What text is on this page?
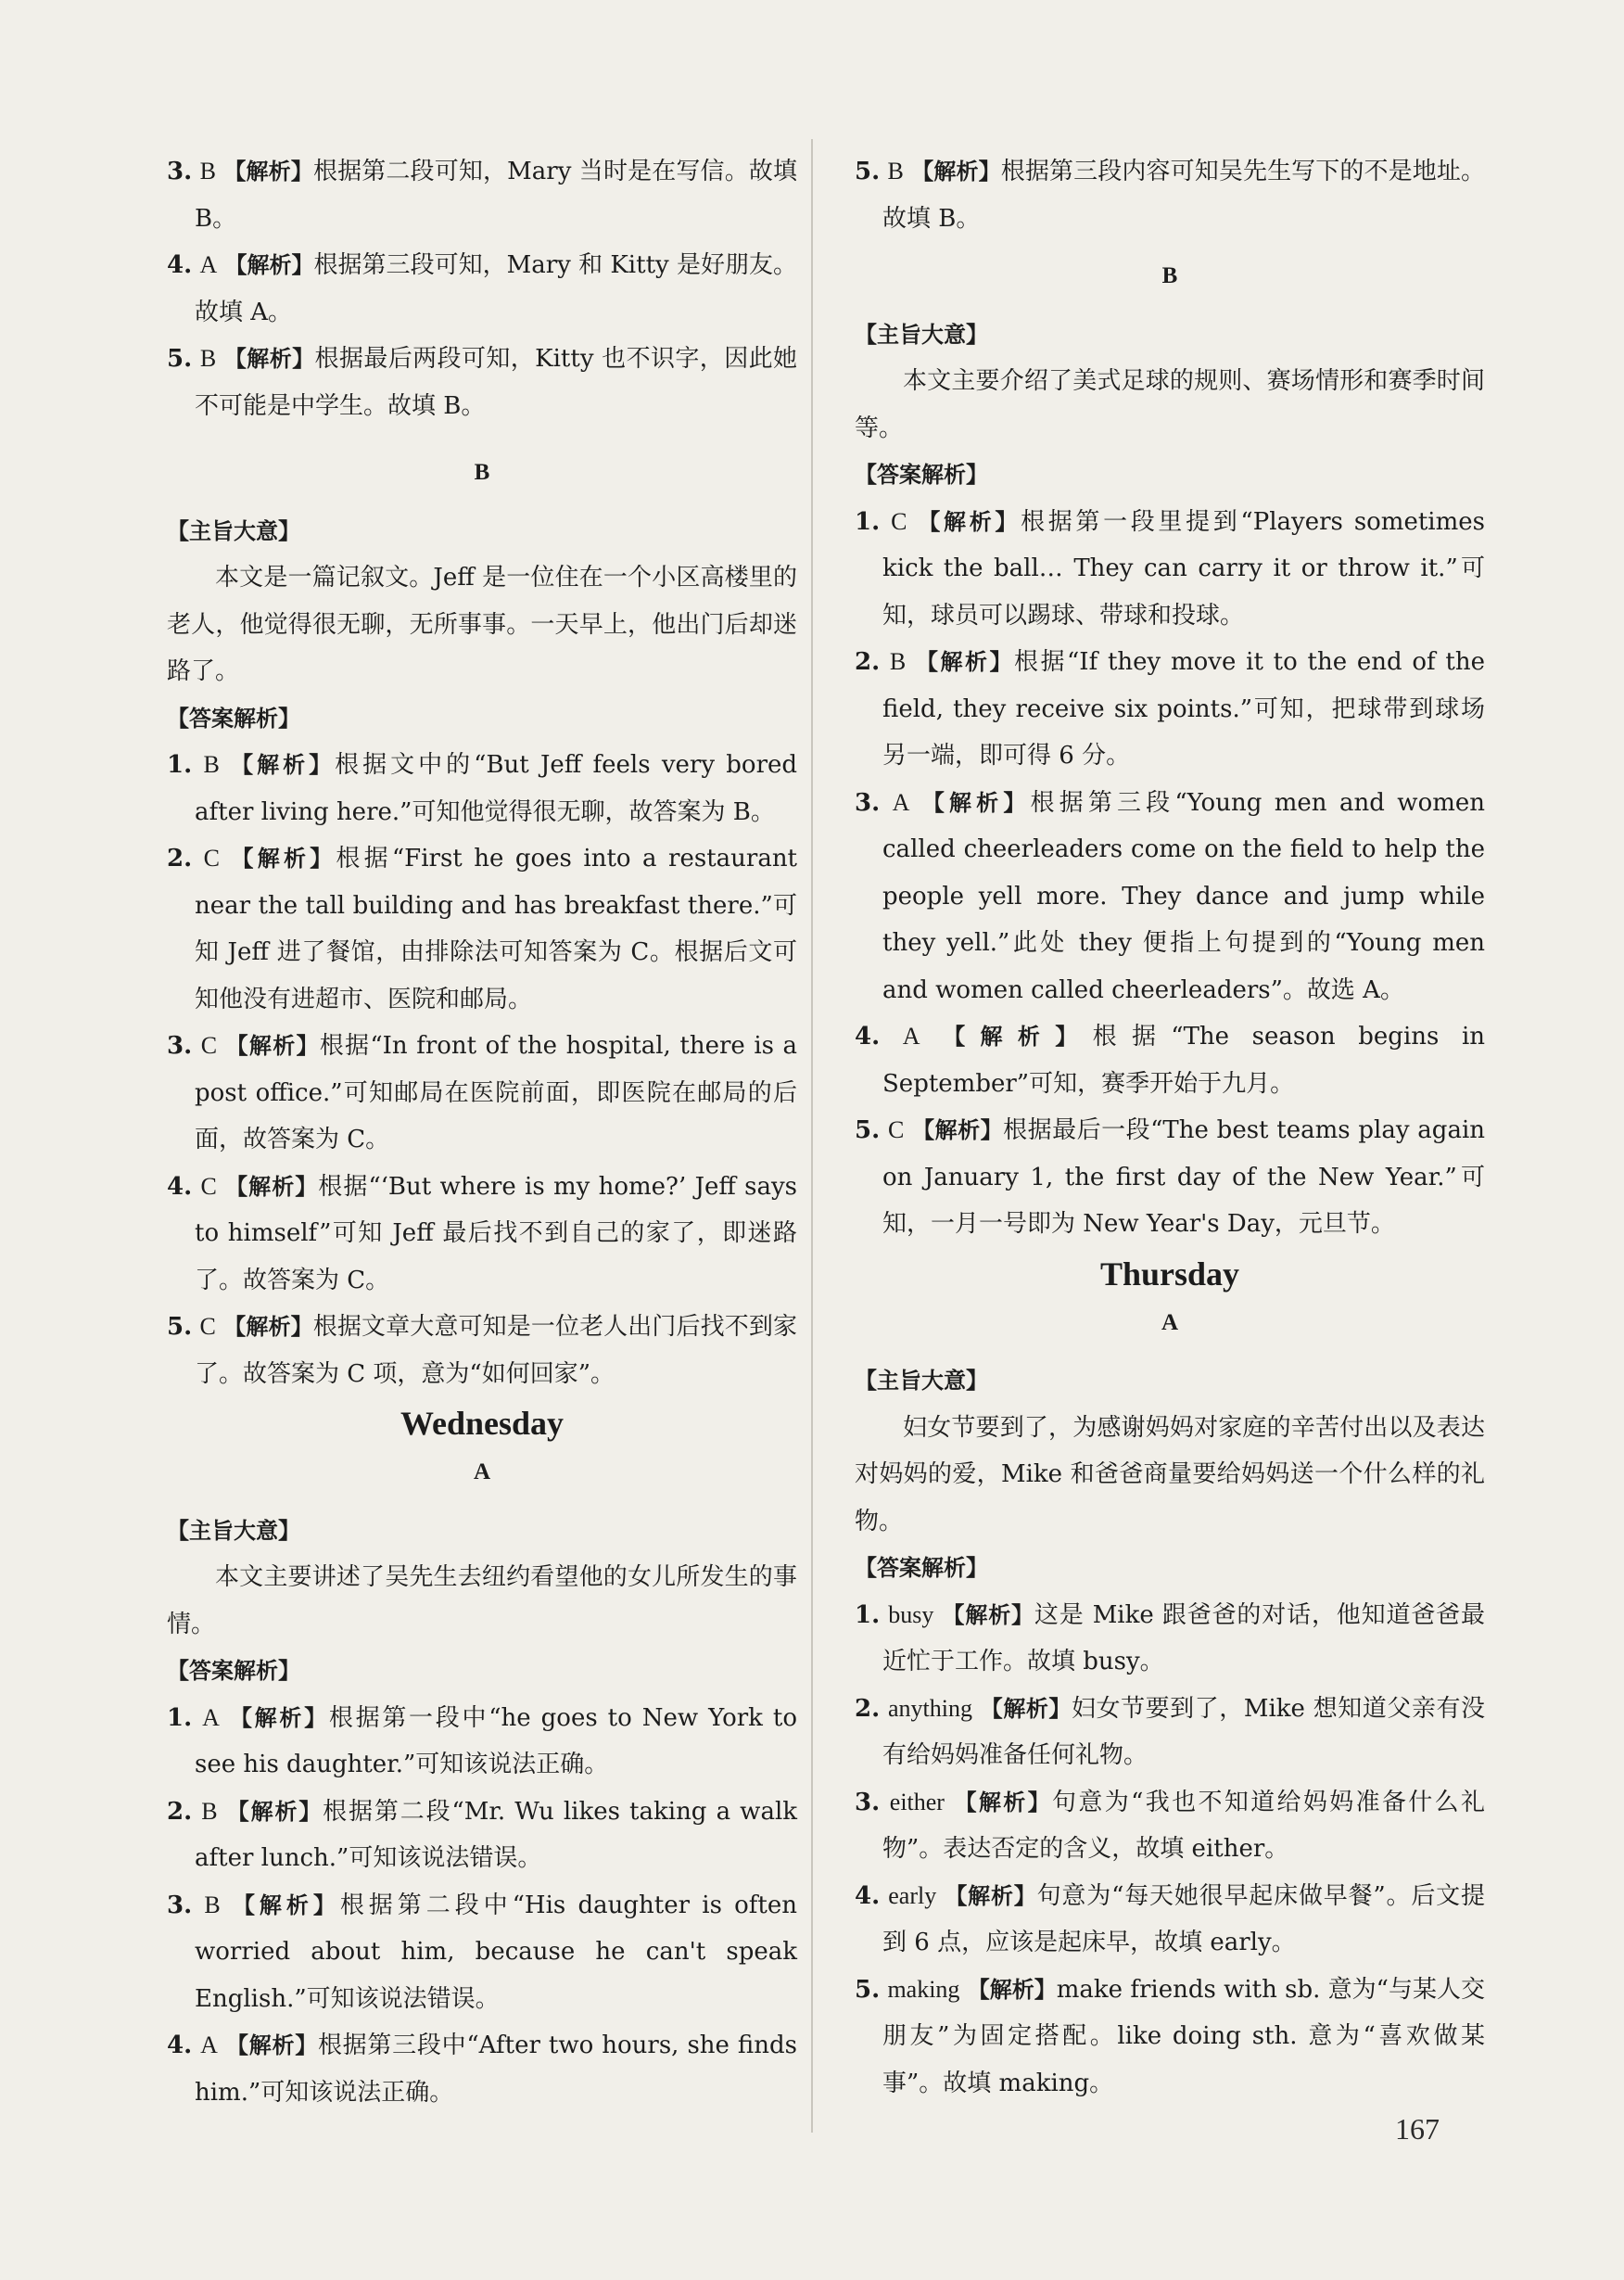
3. B 【解析】根据第二段可知，Mary 当时是在写信。故填 B。

4. A 【解析】根据第三段可知，Mary 和 Kitty 是好朋友。故填 A。

5. B 【解析】根据最后两段可知，Kitty 也不识字，因此她不可能是中学生。故填 B。

B

【主旨大意】

本文是一篇记叙文。Jeff 是一位住在一个小区高楼里的老人，他觉得很无聊，无所事事。一天早上，他出门后却迷路了。

【答案解析】

1. B 【解析】根据文中的“But Jeff feels very bored after living here.”可知他觉得很无聊，故答案为 B。

2. C 【解析】根据“First he goes into a restaurant near the tall building and has breakfast there.”可知 Jeff 进了餐馆，由排除法可知答案为 C。根据后文可知他没有进超市、医院和邮局。

3. C 【解析】根据“In front of the hospital, there is a post office.”可知邮局在医院前面，即医院在邮局的后面，故答案为 C。

4. C 【解析】根据“‘But where is my home?’ Jeff says to himself”可知 Jeff 最后找不到自己的家了，即迷路了。故答案为 C。

5. C 【解析】根据文章大意可知是一位老人出门后找不到家了。故答案为 C 项，意为“如何回家”。

Wednesday

A

【主旨大意】

本文主要讲述了吴先生去纽约看望他的女儿所发生的事情。

【答案解析】

1. A 【解析】根据第一段中“he goes to New York to see his daughter.”可知该说法正确。

2. B 【解析】根据第二段“Mr. Wu likes taking a walk after lunch.”可知该说法错误。

3. B 【解析】根据第二段中“His daughter is often worried about him, because he can't speak English.”可知该说法错误。

4. A 【解析】根据第三段中“After two hours, she finds him.”可知该说法正确。

5. B 【解析】根据第三段内容可知吴先生写下的不是地址。故填 B。

B

【主旨大意】

本文主要介绍了美式足球的规则、赛场情形和赛季时间等。

【答案解析】

1. C 【解析】根据第一段里提到“Players sometimes kick the ball… They can carry it or throw it.”可知，球员可以踢球、带球和投球。

2. B 【解析】根据“If they move it to the end of the field, they receive six points.”可知，把球带到球场另一端，即可得 6 分。

3. A 【解析】根据第三段“Young men and women called cheerleaders come on the field to help the people yell more. They dance and jump while they yell.”此处 they 便指上句提到的“Young men and women called cheerleaders”。故选 A。

4. A 【解析】根据“The season begins in September”可知，赛季开始于九月。

5. C 【解析】根据最后一段“The best teams play again on January 1, the first day of the New Year.”可知，一月一号即为 New Year's Day，元旦节。

Thursday

A

【主旨大意】

妇女节要到了，为感谢妈妈对家庭的辛苦付出以及表达对妈妈的爱，Mike 和爸爸商量要给妈妈送一个什么样的礼物。

【答案解析】

1. busy 【解析】这是 Mike 跟爸爸的对话，他知道爸爸最近忙于工作。故填 busy。

2. anything 【解析】妇女节要到了，Mike 想知道父亲有没有给妈妈准备任何礼物。

3. either 【解析】句意为“我也不知道给妈妈准备什么礼物”。表达否定的含义，故填 either。

4. early 【解析】句意为“每天她很早起床做早餐”。后文提到 6 点，应该是起床早，故填 early。

5. making 【解析】make friends with sb. 意为“与某人交朋友”为固定搭配。like doing sth. 意为“喜欢做某事”。故填 making。

167
